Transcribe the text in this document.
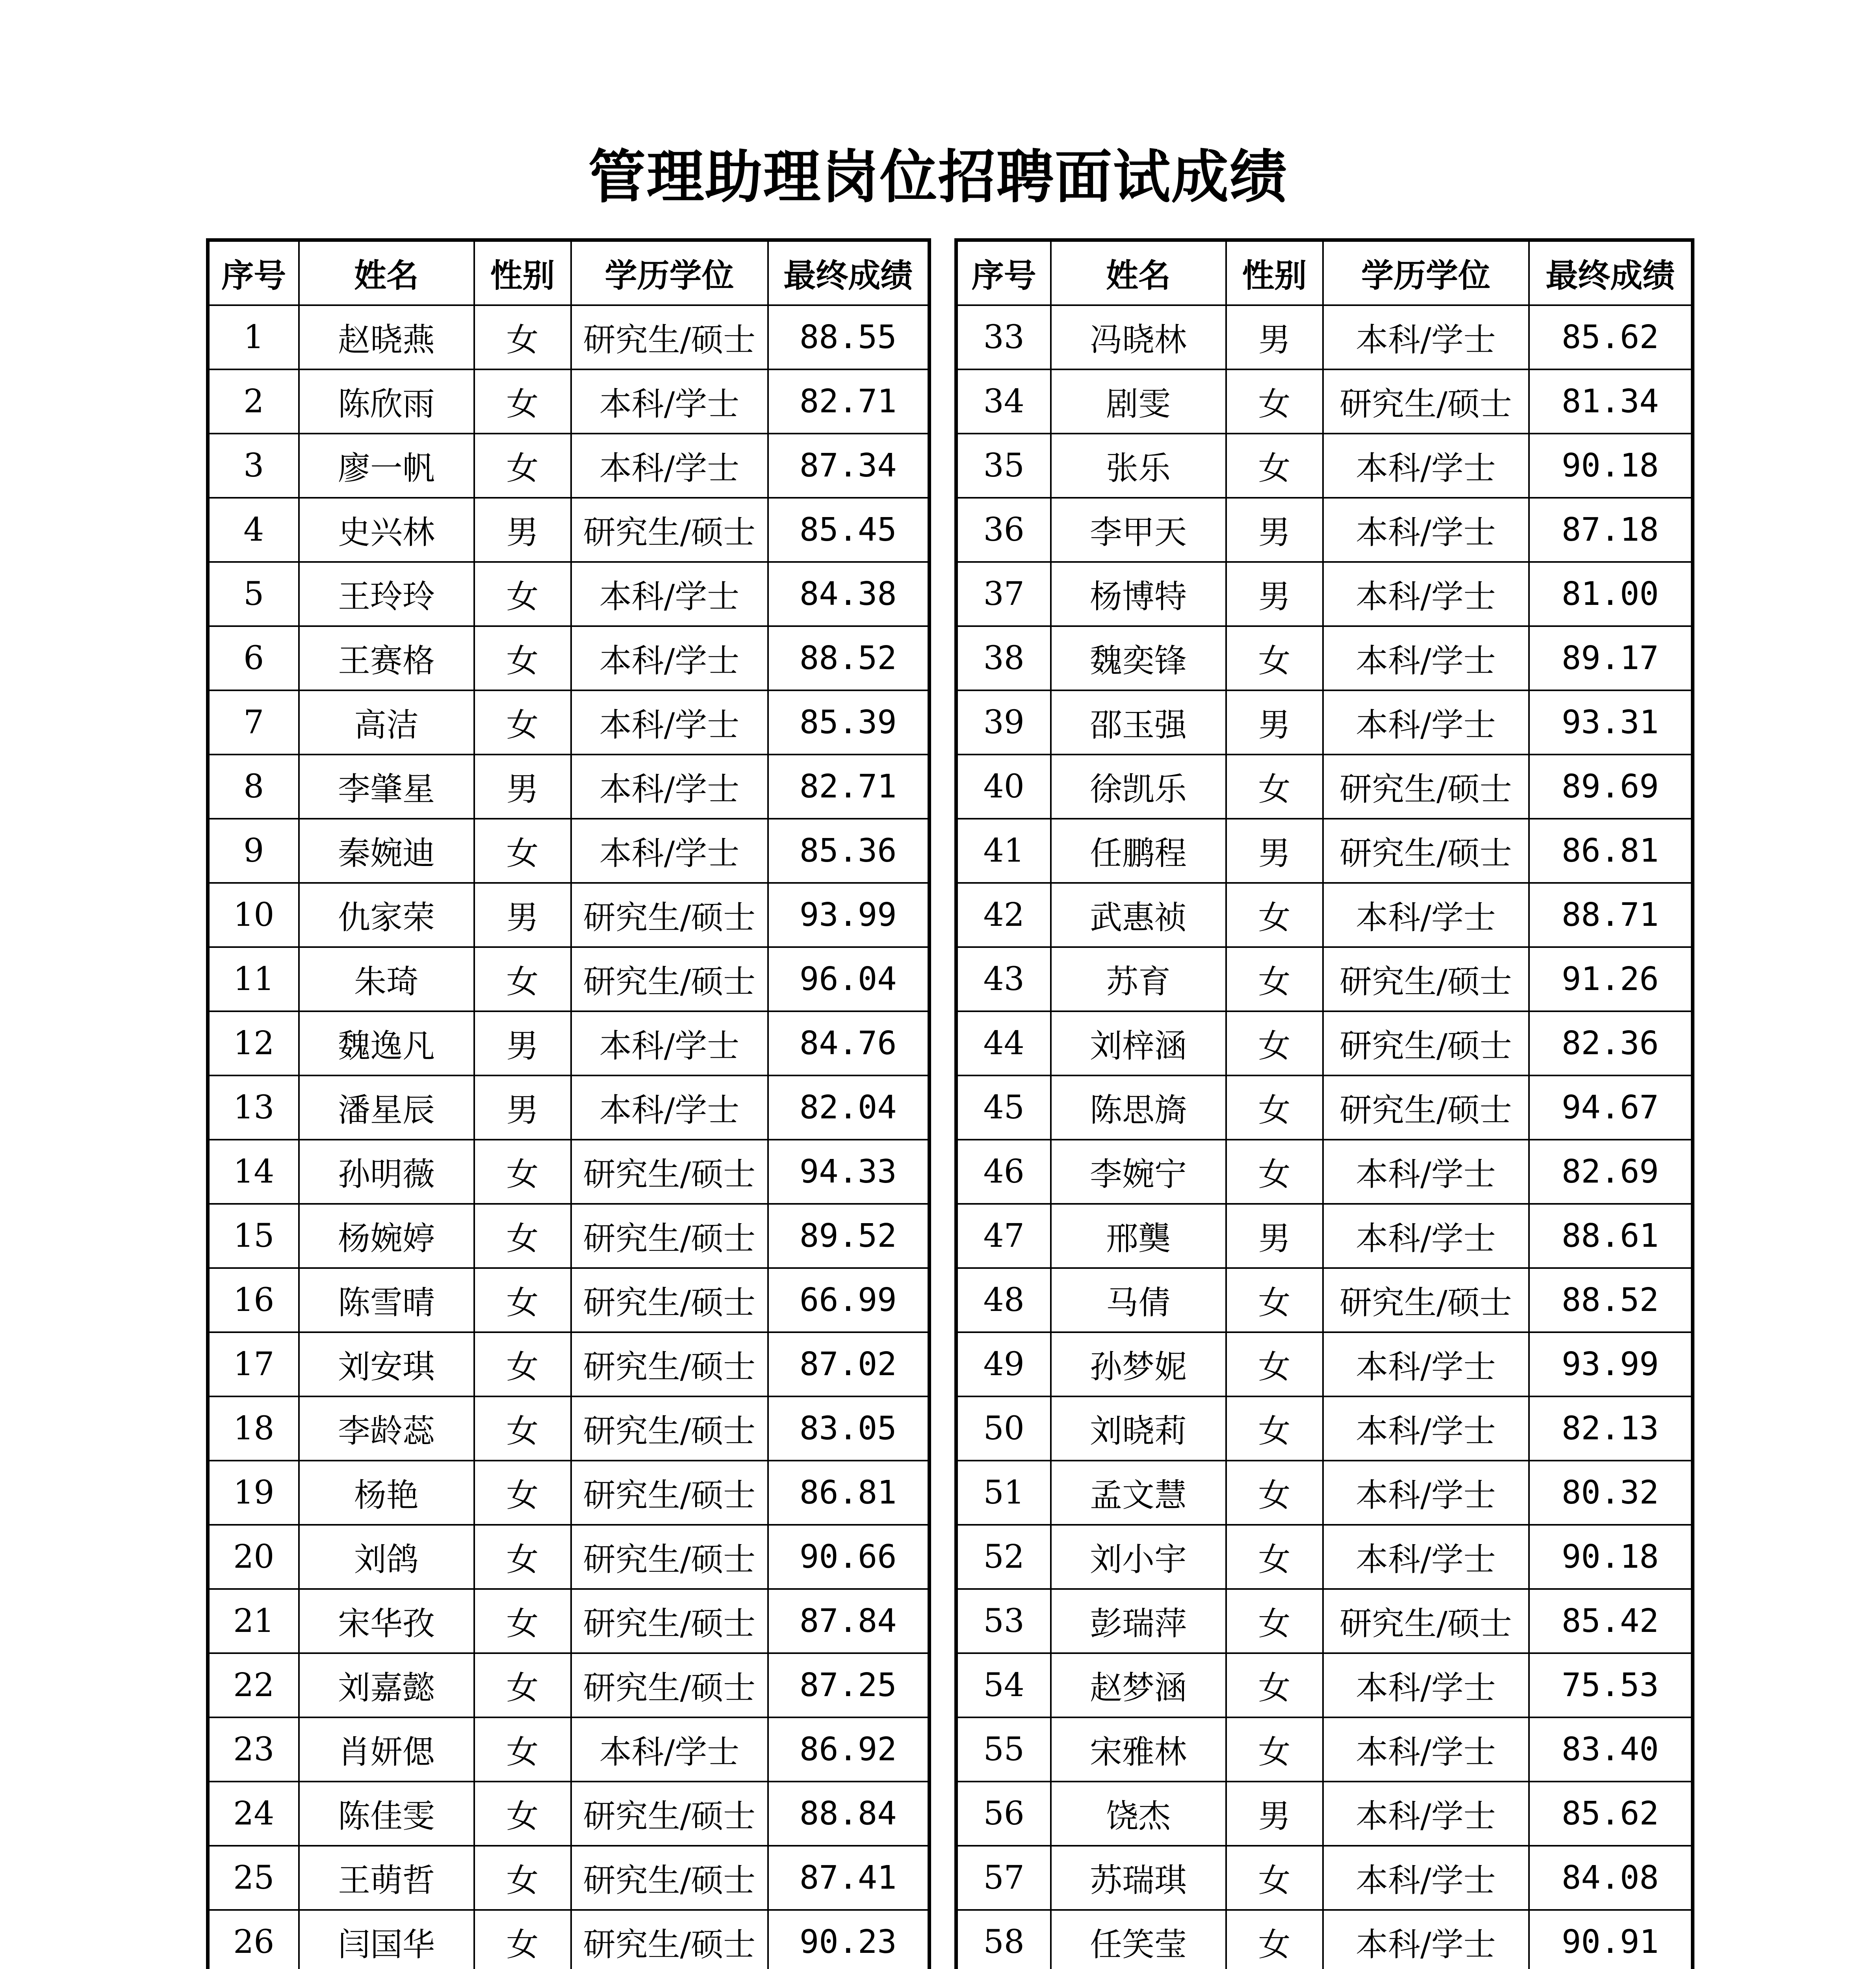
管理助理岗位招聘面试成绩
序号	姓名	性别	学历学位	最终成绩
1	赵晓燕	女	研究生/硕士	88.55
2	陈欣雨	女	本科/学士	82.71
3	廖一帆	女	本科/学士	87.34
4	史兴林	男	研究生/硕士	85.45
5	王玲玲	女	本科/学士	84.38
6	王赛格	女	本科/学士	88.52
7	高洁	女	本科/学士	85.39
8	李肇星	男	本科/学士	82.71
9	秦婉迪	女	本科/学士	85.36
10	仇家荣	男	研究生/硕士	93.99
11	朱琦	女	研究生/硕士	96.04
12	魏逸凡	男	本科/学士	84.76
13	潘星辰	男	本科/学士	82.04
14	孙明薇	女	研究生/硕士	94.33
15	杨婉婷	女	研究生/硕士	89.52
16	陈雪晴	女	研究生/硕士	66.99
17	刘安琪	女	研究生/硕士	87.02
18	李龄蕊	女	研究生/硕士	83.05
19	杨艳	女	研究生/硕士	86.81
20	刘鸽	女	研究生/硕士	90.66
21	宋华孜	女	研究生/硕士	87.84
22	刘嘉懿	女	研究生/硕士	87.25
23	肖妍偲	女	本科/学士	86.92
24	陈佳雯	女	研究生/硕士	88.84
25	王萌哲	女	研究生/硕士	87.41
26	闫国华	女	研究生/硕士	90.23

序号	姓名	性别	学历学位	最终成绩
33	冯晓林	男	本科/学士	85.62
34	剧雯	女	研究生/硕士	81.34
35	张乐	女	本科/学士	90.18
36	李甲天	男	本科/学士	87.18
37	杨博特	男	本科/学士	81.00
38	魏奕锋	女	本科/学士	89.17
39	邵玉强	男	本科/学士	93.31
40	徐凯乐	女	研究生/硕士	89.69
41	任鹏程	男	研究生/硕士	86.81
42	武惠祯	女	本科/学士	88.71
43	苏育	女	研究生/硕士	91.26
44	刘梓涵	女	研究生/硕士	82.36
45	陈思旖	女	研究生/硕士	94.67
46	李婉宁	女	本科/学士	82.69
47	邢龑	男	本科/学士	88.61
48	马倩	女	研究生/硕士	88.52
49	孙梦妮	女	本科/学士	93.99
50	刘晓莉	女	本科/学士	82.13
51	孟文慧	女	本科/学士	80.32
52	刘小宇	女	本科/学士	90.18
53	彭瑞萍	女	研究生/硕士	85.42
54	赵梦涵	女	本科/学士	75.53
55	宋雅林	女	本科/学士	83.40
56	饶杰	男	本科/学士	85.62
57	苏瑞琪	女	本科/学士	84.08
58	任笑莹	女	本科/学士	90.91
